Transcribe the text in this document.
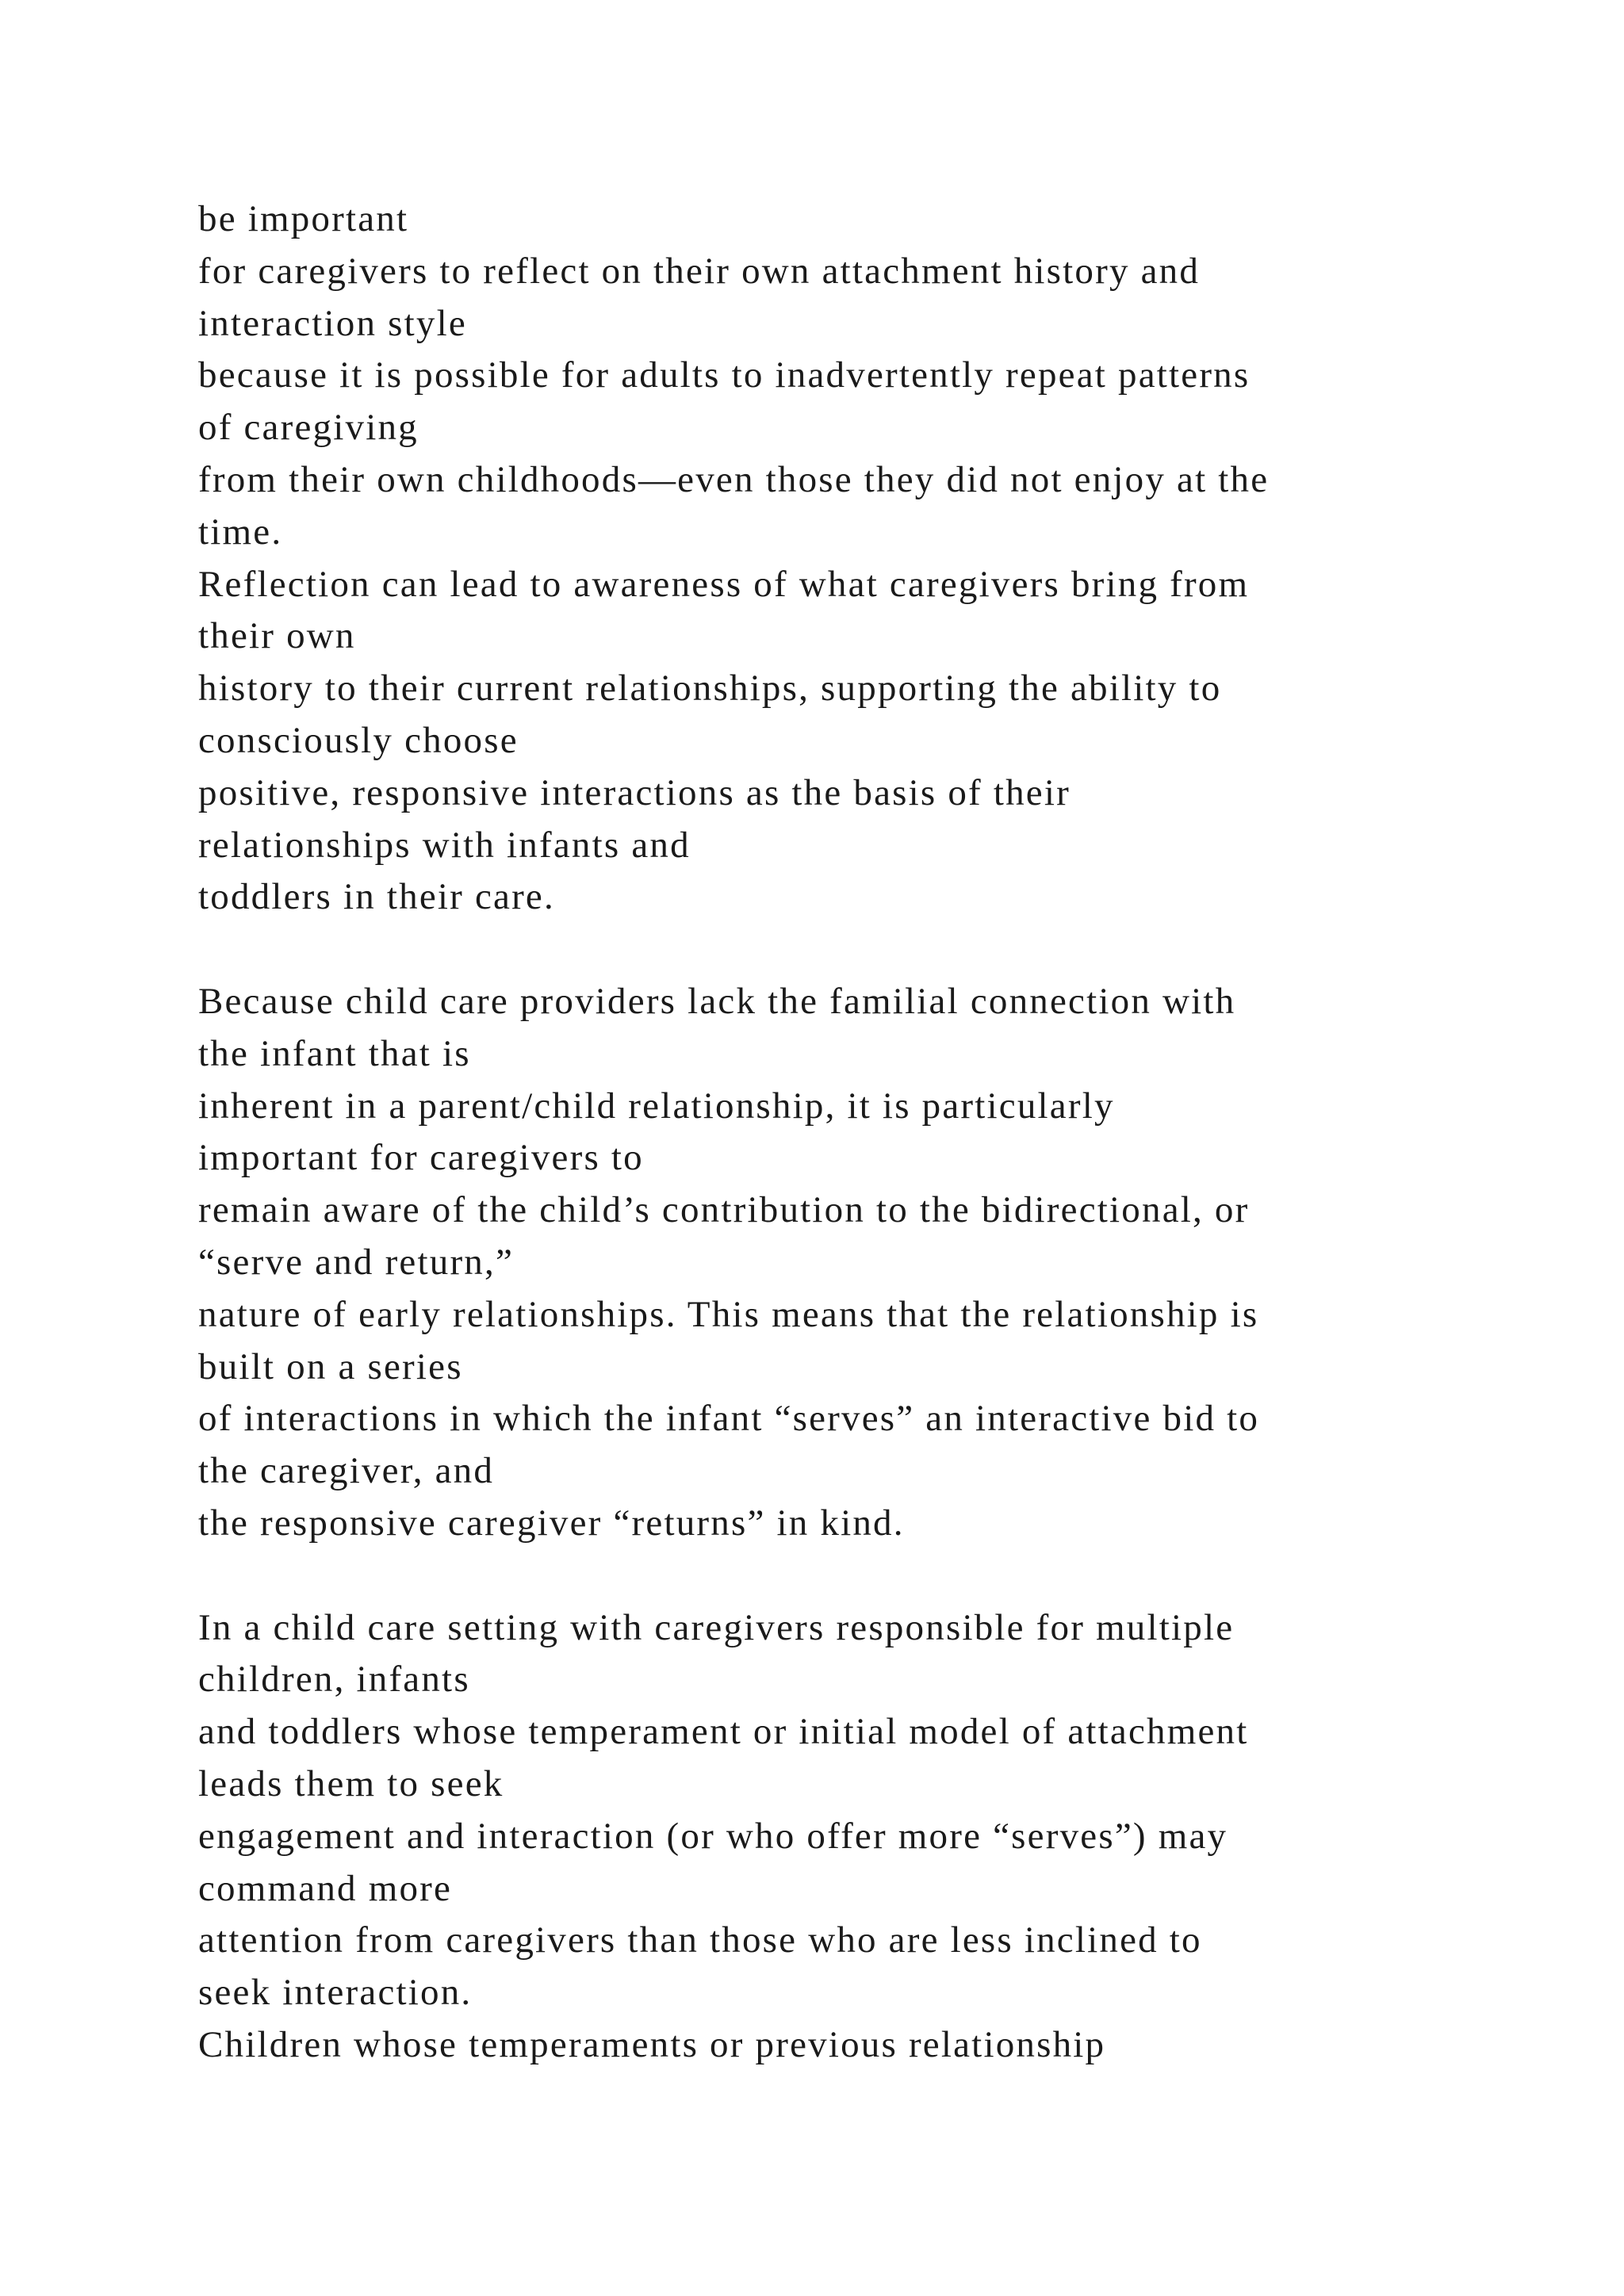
be important
for caregivers to reflect on their own attachment history and
interaction style
because it is possible for adults to inadvertently repeat patterns
of caregiving
from their own childhoods—even those they did not enjoy at the
time.
Reflection can lead to awareness of what caregivers bring from
their own
history to their current relationships, supporting the ability to
consciously choose
positive, responsive interactions as the basis of their
relationships with infants and
toddlers in their care.
Because child care providers lack the familial connection with
the infant that is
inherent in a parent/child relationship, it is particularly
important for caregivers to
remain aware of the child’s contribution to the bidirectional, or
“serve and return,”
nature of early relationships. This means that the relationship is
built on a series
of interactions in which the infant “serves” an interactive bid to
the caregiver, and
the responsive caregiver “returns” in kind.
In a child care setting with caregivers responsible for multiple
children, infants
and toddlers whose temperament or initial model of attachment
leads them to seek
engagement and interaction (or who offer more “serves”) may
command more
attention from caregivers than those who are less inclined to
seek interaction.
Children whose temperaments or previous relationship
